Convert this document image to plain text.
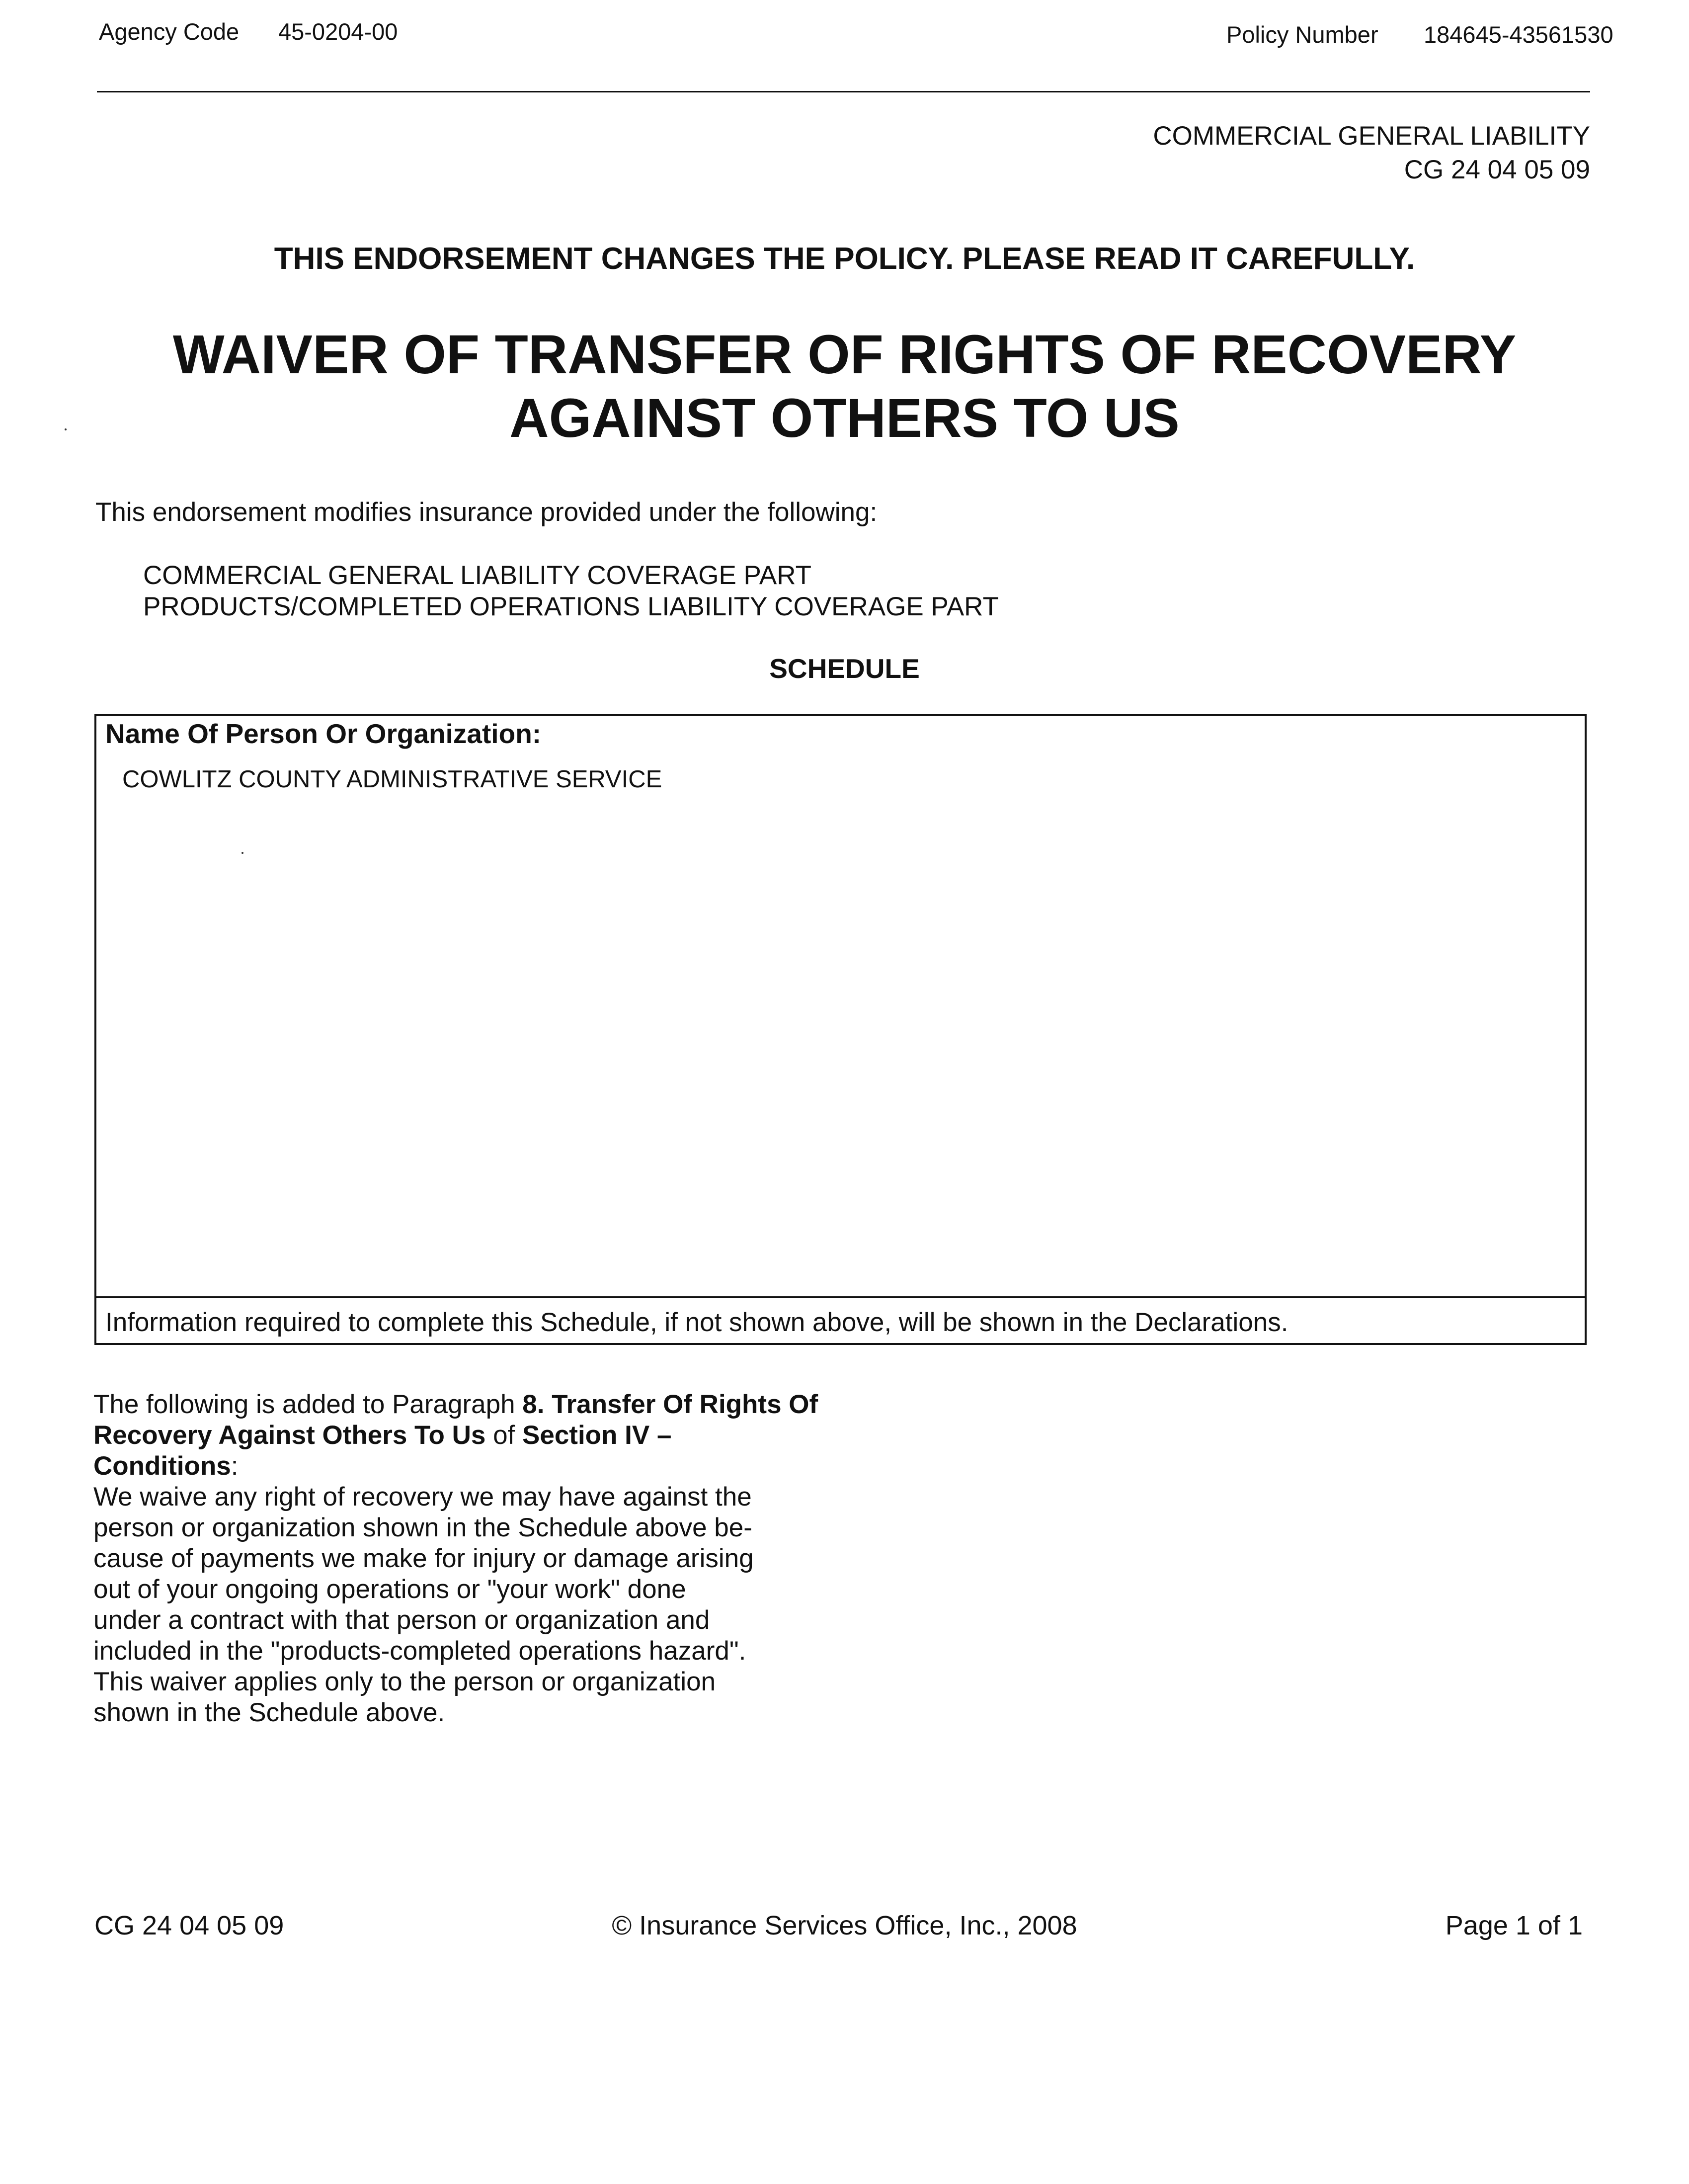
Agency Code 45-0204-00	Policy Number 184645-43561530
COMMERCIAL GENERAL LIABILITY
CG 24 04 05 09
THIS ENDORSEMENT CHANGES THE POLICY. PLEASE READ IT CAREFULLY.
WAIVER OF TRANSFER OF RIGHTS OF RECOVERY
AGAINST OTHERS TO US
This endorsement modifies insurance provided under the following:
COMMERCIAL GENERAL LIABILITY COVERAGE PART
PRODUCTS/COMPLETED OPERATIONS LIABILITY COVERAGE PART
SCHEDULE
Name Of Person Or Organization:
COWLITZ COUNTY ADMINISTRATIVE SERVICE
Information required to complete this Schedule, if not shown above, will be shown in the Declarations.

The following is added to Paragraph 8. Transfer Of Rights Of Recovery Against Others To Us of Section IV – Conditions:

We waive any right of recovery we may have against the
person or organization shown in the Schedule above be-
cause of payments we make for injury or damage arising
out of your ongoing operations or "your work" done
under a contract with that person or organization and
included in the "products-completed operations hazard".
This waiver applies only to the person or organization
shown in the Schedule above.
CG 24 04 05 09	© Insurance Services Office, Inc., 2008	Page 1 of 1
